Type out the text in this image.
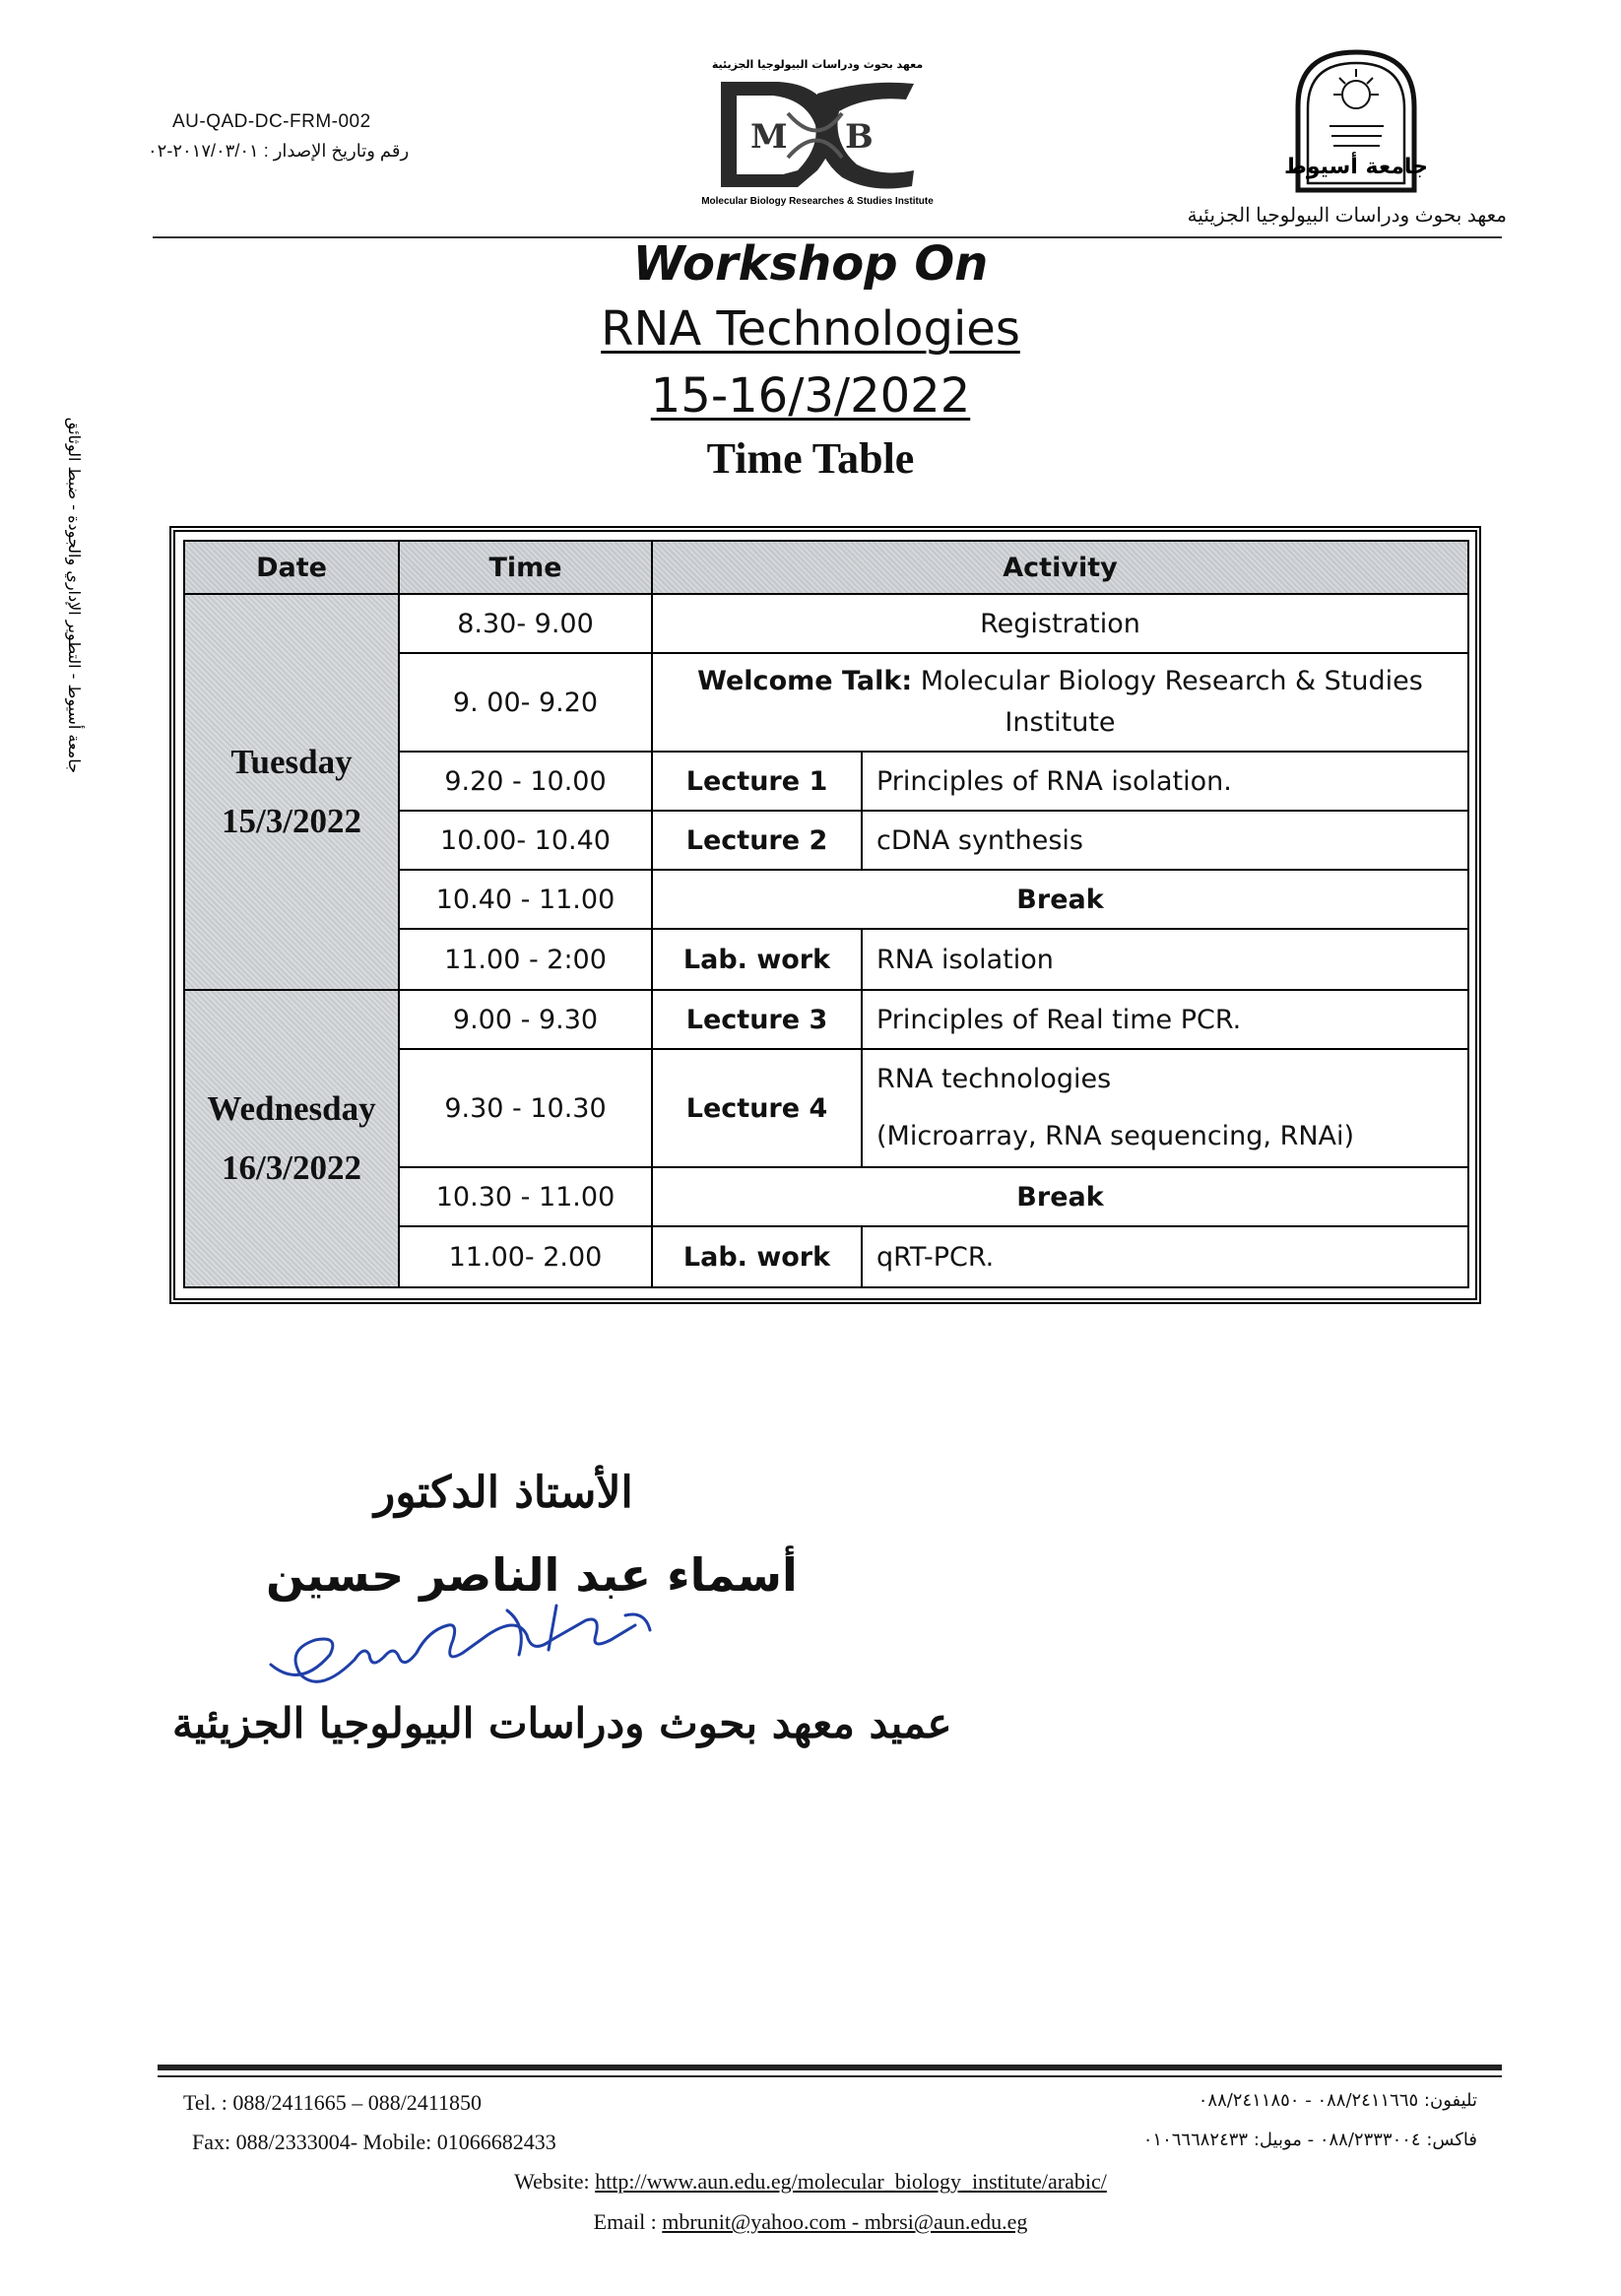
AU-QAD-DC-FRM-002
رقم وتاريخ الإصدار : ٢٠١٧/٠٣/٠١-٠٢
معهد بحوث ودراسات البيولوجيا الجزيئية
M B
Molecular Biology Researches & Studies Institute
جامعة أسيوط
معهد بحوث ودراسات البيولوجيا الجزيئية
Workshop On
RNA Technologies
15-16/3/2022
Time Table
جامعة أسيوط - التطوير الإداري والجودة - ضبط الوثائق	Date	Time	Activity	

Tuesday
15/3/2022	8.30- 9.00	Registration	
	9. 00- 9.20	Welcome Talk: Molecular Biology Research & Studies Institute	
	9.20 - 10.00	Lecture 1	Principles of RNA isolation.
	10.00- 10.40	Lecture 2	cDNA synthesis
	10.40 - 11.00	Break	
	11.00 - 2:00	Lab. work	RNA isolation

Wednesday
16/3/2022	9.00 - 9.30	Lecture 3	Principles of Real time PCR.
	9.30 - 10.30	Lecture 4	RNA technologies
(Microarray, RNA sequencing, RNAi)

	10.30 - 11.00	Break	
	11.00- 2.00	Lab. work	qRT-PCR.
الأستاذ الدكتور
أسماء عبد الناصر حسين
عميد معهد بحوث ودراسات البيولوجيا الجزيئية
Tel. : 088/2411665 – 088/2411850
Fax: 088/2333004- Mobile: 01066682433
تليفون: ٠٨٨/٢٤١١٦٦٥ - ٠٨٨/٢٤١١٨٥٠
فاكس: ٠٨٨/٢٣٣٣٠٠٤ - موبيل: ٠١٠٦٦٦٨٢٤٣٣
Website: http://www.aun.edu.eg/molecular_biology_institute/arabic/
Email : mbrunit@yahoo.com - mbrsi@aun.edu.eg
